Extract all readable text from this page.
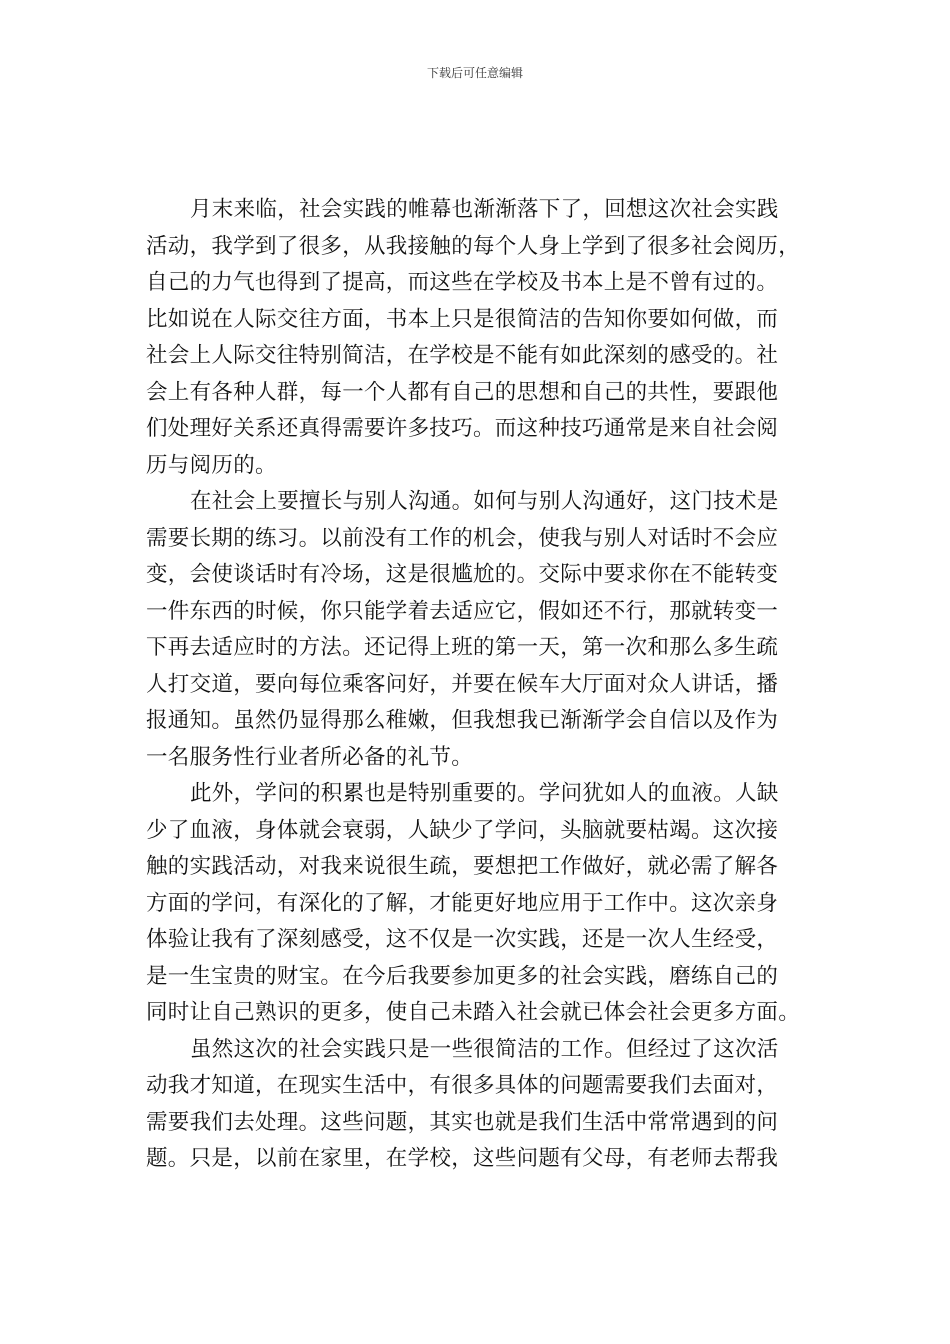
下载后可任意编辑
月末来临，社会实践的帷幕也渐渐落下了，回想这次社会实践
活动，我学到了很多，从我接触的每个人身上学到了很多社会阅历，
自己的力气也得到了提高，而这些在学校及书本上是不曾有过的。
比如说在人际交往方面，书本上只是很简洁的告知你要如何做，而
社会上人际交往特别简洁，在学校是不能有如此深刻的感受的。社
会上有各种人群，每一个人都有自己的思想和自己的共性，要跟他
们处理好关系还真得需要许多技巧。而这种技巧通常是来自社会阅
历与阅历的。
在社会上要擅长与别人沟通。如何与别人沟通好，这门技术是
需要长期的练习。以前没有工作的机会，使我与别人对话时不会应
变，会使谈话时有冷场，这是很尴尬的。交际中要求你在不能转变
一件东西的时候，你只能学着去适应它，假如还不行，那就转变一
下再去适应时的方法。还记得上班的第一天，第一次和那么多生疏
人打交道，要向每位乘客问好，并要在候车大厅面对众人讲话，播
报通知。虽然仍显得那么稚嫩，但我想我已渐渐学会自信以及作为
一名服务性行业者所必备的礼节。
此外，学问的积累也是特别重要的。学问犹如人的血液。人缺
少了血液，身体就会衰弱，人缺少了学问，头脑就要枯竭。这次接
触的实践活动，对我来说很生疏，要想把工作做好，就必需了解各
方面的学问，有深化的了解，才能更好地应用于工作中。这次亲身
体验让我有了深刻感受，这不仅是一次实践，还是一次人生经受，
是一生宝贵的财宝。在今后我要参加更多的社会实践，磨练自己的
同时让自己熟识的更多，使自己未踏入社会就已体会社会更多方面。
虽然这次的社会实践只是一些很简洁的工作。但经过了这次活
动我才知道，在现实生活中，有很多具体的问题需要我们去面对，
需要我们去处理。这些问题，其实也就是我们生活中常常遇到的问
题。只是，以前在家里，在学校，这些问题有父母，有老师去帮我
